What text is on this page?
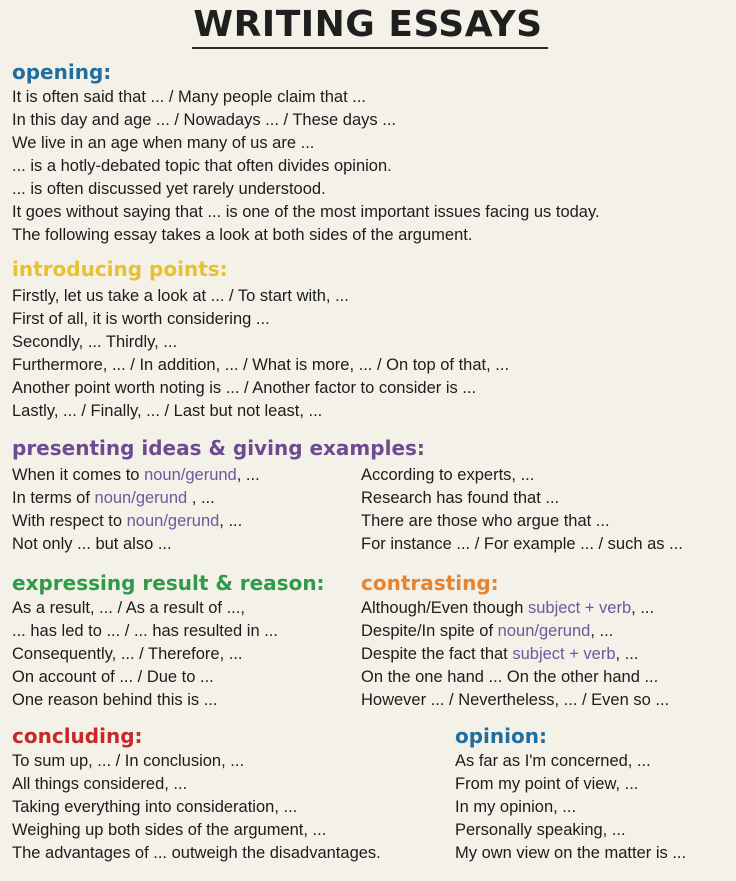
WRITING ESSAYS
opening:
It is often said that ... / Many people claim that ...
In this day and age ... / Nowadays ... / These days ...
We live in an age when many of us are ...
... is a hotly-debated topic that often divides opinion.
... is often discussed yet rarely understood.
It goes without saying that ... is one of the most important issues facing us today.
The following essay takes a look at both sides of the argument.
introducing points:
Firstly, let us take a look at ... / To start with, ...
First of all, it is worth considering ...
Secondly, ... Thirdly, ...
Furthermore, ... / In addition, ... / What is more, ... / On top of that, ...
Another point worth noting is ... / Another factor to consider is ...
Lastly, ... / Finally, ... / Last but not least, ...
presenting ideas & giving examples:
When it comes to noun/gerund, ...
In terms of noun/gerund , ...
With respect to noun/gerund, ...
Not only ... but also ...
According to experts, ...
Research has found that ...
There are those who argue that ...
For instance ... / For example ... / such as ...
expressing result & reason:
As a result, ... / As a result of ...,
... has led to ... / ... has resulted in ...
Consequently, ... / Therefore, ...
On account of ... / Due to ...
One reason behind this is ...
contrasting:
Although/Even though subject + verb, ...
Despite/In spite of noun/gerund, ...
Despite the fact that subject + verb, ...
On the one hand ... On the other hand ...
However ... / Nevertheless, ... / Even so ...
concluding:
To sum up, ... / In conclusion, ...
All things considered, ...
Taking everything into consideration, ...
Weighing up both sides of the argument, ...
The advantages of ... outweigh the disadvantages.
opinion:
As far as I'm concerned, ...
From my point of view, ...
In my opinion, ...
Personally speaking, ...
My own view on the matter is ...
